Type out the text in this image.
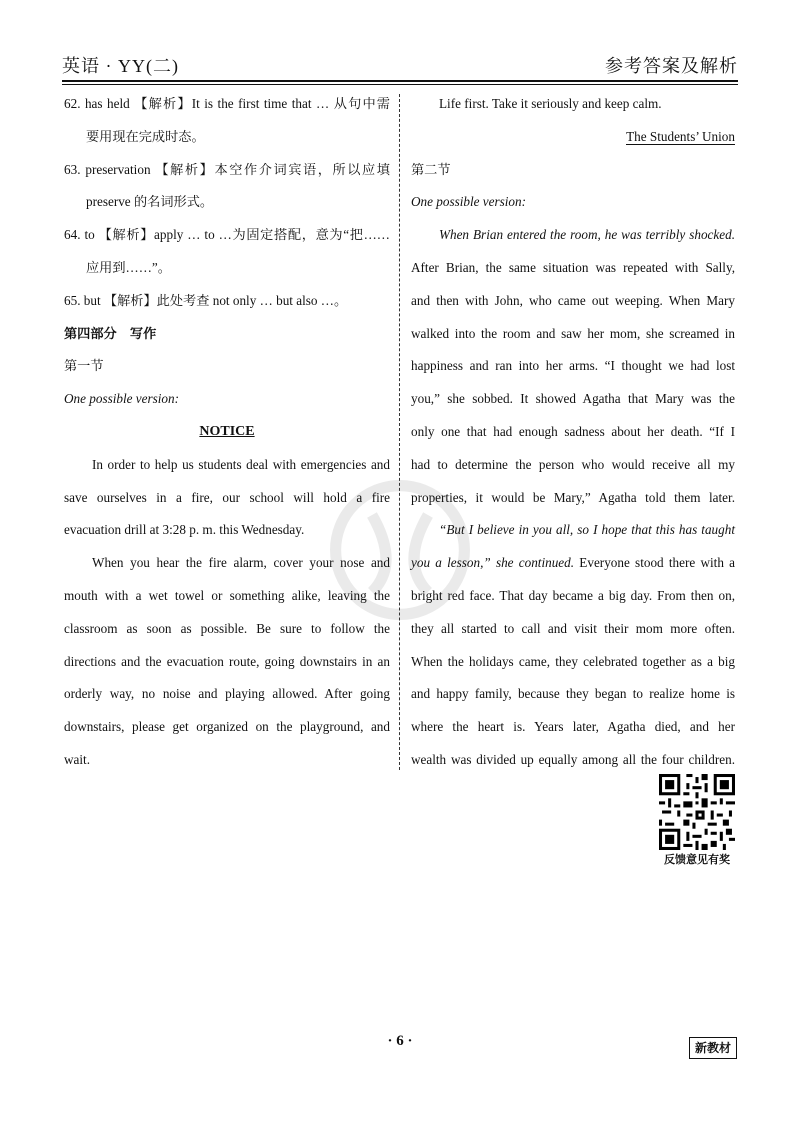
英语 · YY(二)	参考答案及解析

62. has held 【解析】It is the first time that … 从句中需

要用现在完成时态。

63. preservation 【解析】本空作介词宾语，所以应填

preserve 的名词形式。

64. to 【解析】apply … to …为固定搭配，意为“把……

应用到……”。

65. but 【解析】此处考查 not only … but also …。

第四部分　写作

第一节

One possible version:

NOTICE

In order to help us students deal with emergencies and

save ourselves in a fire, our school will hold a fire

evacuation drill at 3:28 p. m. this Wednesday.

When you hear the fire alarm, cover your nose and

mouth with a wet towel or something alike, leaving the

classroom as soon as possible. Be sure to follow the

directions and the evacuation route, going downstairs in an

orderly way, no noise and playing allowed. After going

downstairs, please get organized on the playground, and

wait.

Life first. Take it seriously and keep calm.

The Students’ Union

第二节

One possible version:

When Brian entered the room, he was terribly shocked.

After Brian, the same situation was repeated with Sally,

and then with John, who came out weeping. When Mary

walked into the room and saw her mom, she screamed in

happiness and ran into her arms. “I thought we had lost

you,” she sobbed. It showed Agatha that Mary was the

only one that had enough sadness about her death. “If I

had to determine the person who would receive all my

properties, it would be Mary,” Agatha told them later.

“But I believe in you all, so I hope that this has taught

you a lesson,” she continued. Everyone stood there with a

bright red face. That day became a big day. From then on,

they all started to call and visit their mom more often.

When the holidays came, they celebrated together as a big

and happy family, because they began to realize home is

where the heart is. Years later, Agatha died, and her

wealth was divided up equally among all the four children.

反馈意见有奖
· 6 ·	新教材
